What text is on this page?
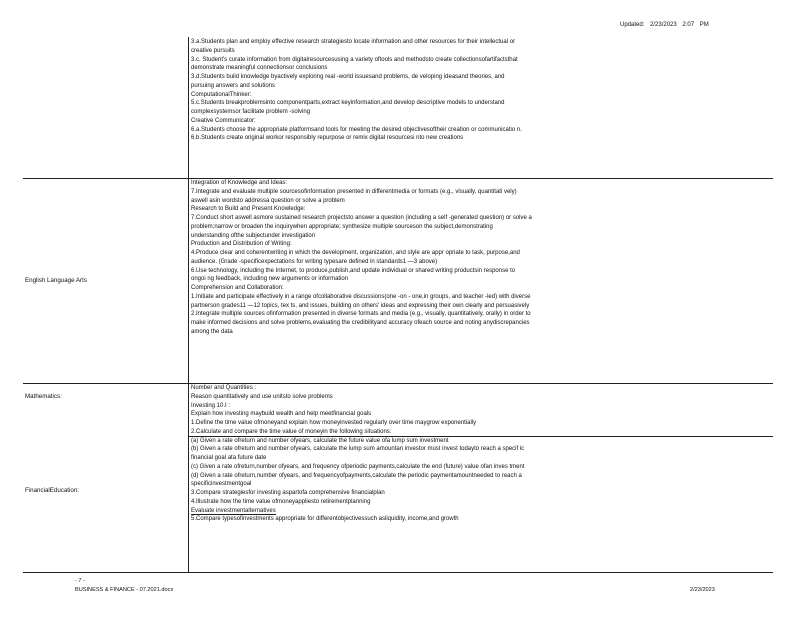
Updated: 2/23/2023 2:07 PM
English Language Arts
Mathematics:
FinancialEducation:
3.a.Students plan and employ effective research strategiesto locate information and other resources for their intellectual or
creative pursuits
3.c. Student's curate information from digitalresourcesusing a variety oftools and methodsto create collectionsofartifactsthat
demonstrate meaningful connectionsor conclusions
3.d.Students build knowledge byactively exploring real -world issuesand problems, de veloping ideasand theories, and
pursuing answers and solutions
ComputationalThinker:
5.c.Students breakproblemsinto componentparts,extract keyinformation,and develop descriptive models to understand
complexsystemsor facilitate problem -solving
Creative Communicator:
6.a.Students choose the appropriate platformsand tools for meeting the desired objectivesoftheir creation or communicatio n.
6.b.Students create original workor responsibly repurpose or remix digital resourcesi nto new creations
Integration of Knowledge and Ideas:
7.Integrate and evaluate multiple sourcesofinformation presented in differentmedia or formats (e.g., visually, quantitati vely)
aswell asin wordsto addressa question or solve a problem
Research to Build and Present Knowledge:
7.Conduct short aswell asmore sustained research projectsto answer a question (including a self -generated question) or solve a
problem;narrow or broaden the inquirywhen appropriate; synthesize multiple sourceson the subject,demonstrating
understanding ofthe subjectunder investigation
Production and Distribution of Writing:
4.Produce clear and coherentwriting in which the development, organization, and style are appr opriate to task, purpose,and
audience. (Grade -specificexpectations for writing typesare defined in standards1 —3 above)
6.Use technology, including the Internet, to produce,publish,and update individual or shared writing productsin response to
ongoi ng feedback, including new arguments or information
Comprehension and Collaboration:
1.Initiate and participate effectively in a range ofcollaborative discussions(one -on - one,in groups, and teacher -led) with diverse
partnerson grades11 —12 topics, tex ts, and issues, building on others' ideas and expressing their own clearly and persuasively
2.Integrate multiple sources ofinformation presented in diverse formats and media (e.g., visually, quantitatively, orally) in order to
make informed decisions and solve problems,evaluating the credibilityand accuracy ofeach source and noting anydiscrepancies
among the data
Number and Quantities :
Reason quantitatively and use unitsto solve problems
Investing 10.I :
Explain how investing maybuild wealth and help meetfinancial goals
1.Define the time value ofmoneyand explain how moneyinvested regularly over time maygrow exponentially
2.Calculate and compare the time value of moneyin the following situations:
(a) Given a rate ofreturn and number ofyears, calculate the future value ofa lump sum investment
(b) Given a rate ofreturn and number ofyears, calculate the lump sum amountan investor must invest todayto reach a specif ic
financial goal ata future date
(c) Given a rate ofreturn,number ofyears, and frequency ofperiodic payments,calculate the end (future) value ofan inves tment
(d) Given a rate ofreturn,number ofyears, and frequencyofpayments,calculate the periodic paymentamountneeded to reach a
specificinvestmentgoal
3.Compare strategiesfor investing aspartofa comprehensive financialplan
4.Illustrate how the time value ofmoneyappliesto retirementplanning
Evaluate investmentalternatives
5.Compare typesofinvestments appropriate for differentobjectivessuch asliquidity, income,and growth
- 7 -
BUSINESS & FINANCE - 07.2021.docx	2/23/2023
